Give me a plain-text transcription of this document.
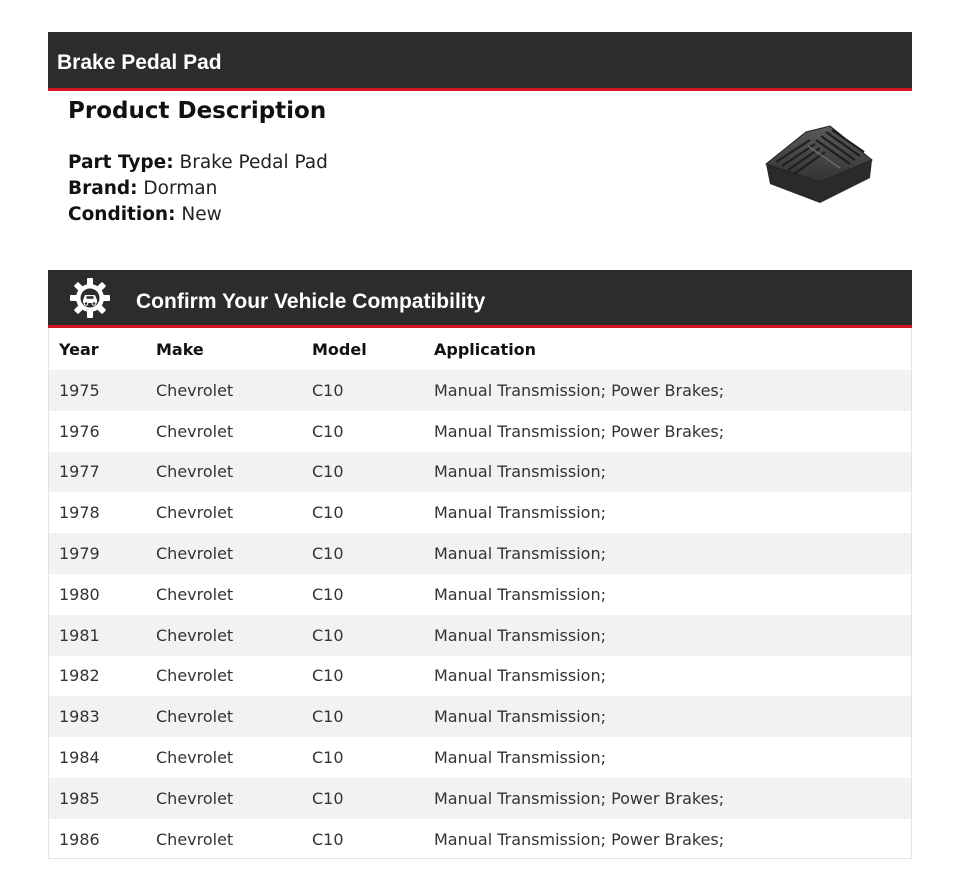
Brake Pedal Pad
Product Description
Part Type: Brake Pedal Pad
Brand: Dorman
Condition: New
Confirm Your Vehicle Compatibility
Year	Make	Model	Application
1975	Chevrolet	C10	Manual Transmission; Power Brakes;
1976	Chevrolet	C10	Manual Transmission; Power Brakes;
1977	Chevrolet	C10	Manual Transmission;
1978	Chevrolet	C10	Manual Transmission;
1979	Chevrolet	C10	Manual Transmission;
1980	Chevrolet	C10	Manual Transmission;
1981	Chevrolet	C10	Manual Transmission;
1982	Chevrolet	C10	Manual Transmission;
1983	Chevrolet	C10	Manual Transmission;
1984	Chevrolet	C10	Manual Transmission;
1985	Chevrolet	C10	Manual Transmission; Power Brakes;
1986	Chevrolet	C10	Manual Transmission; Power Brakes;
